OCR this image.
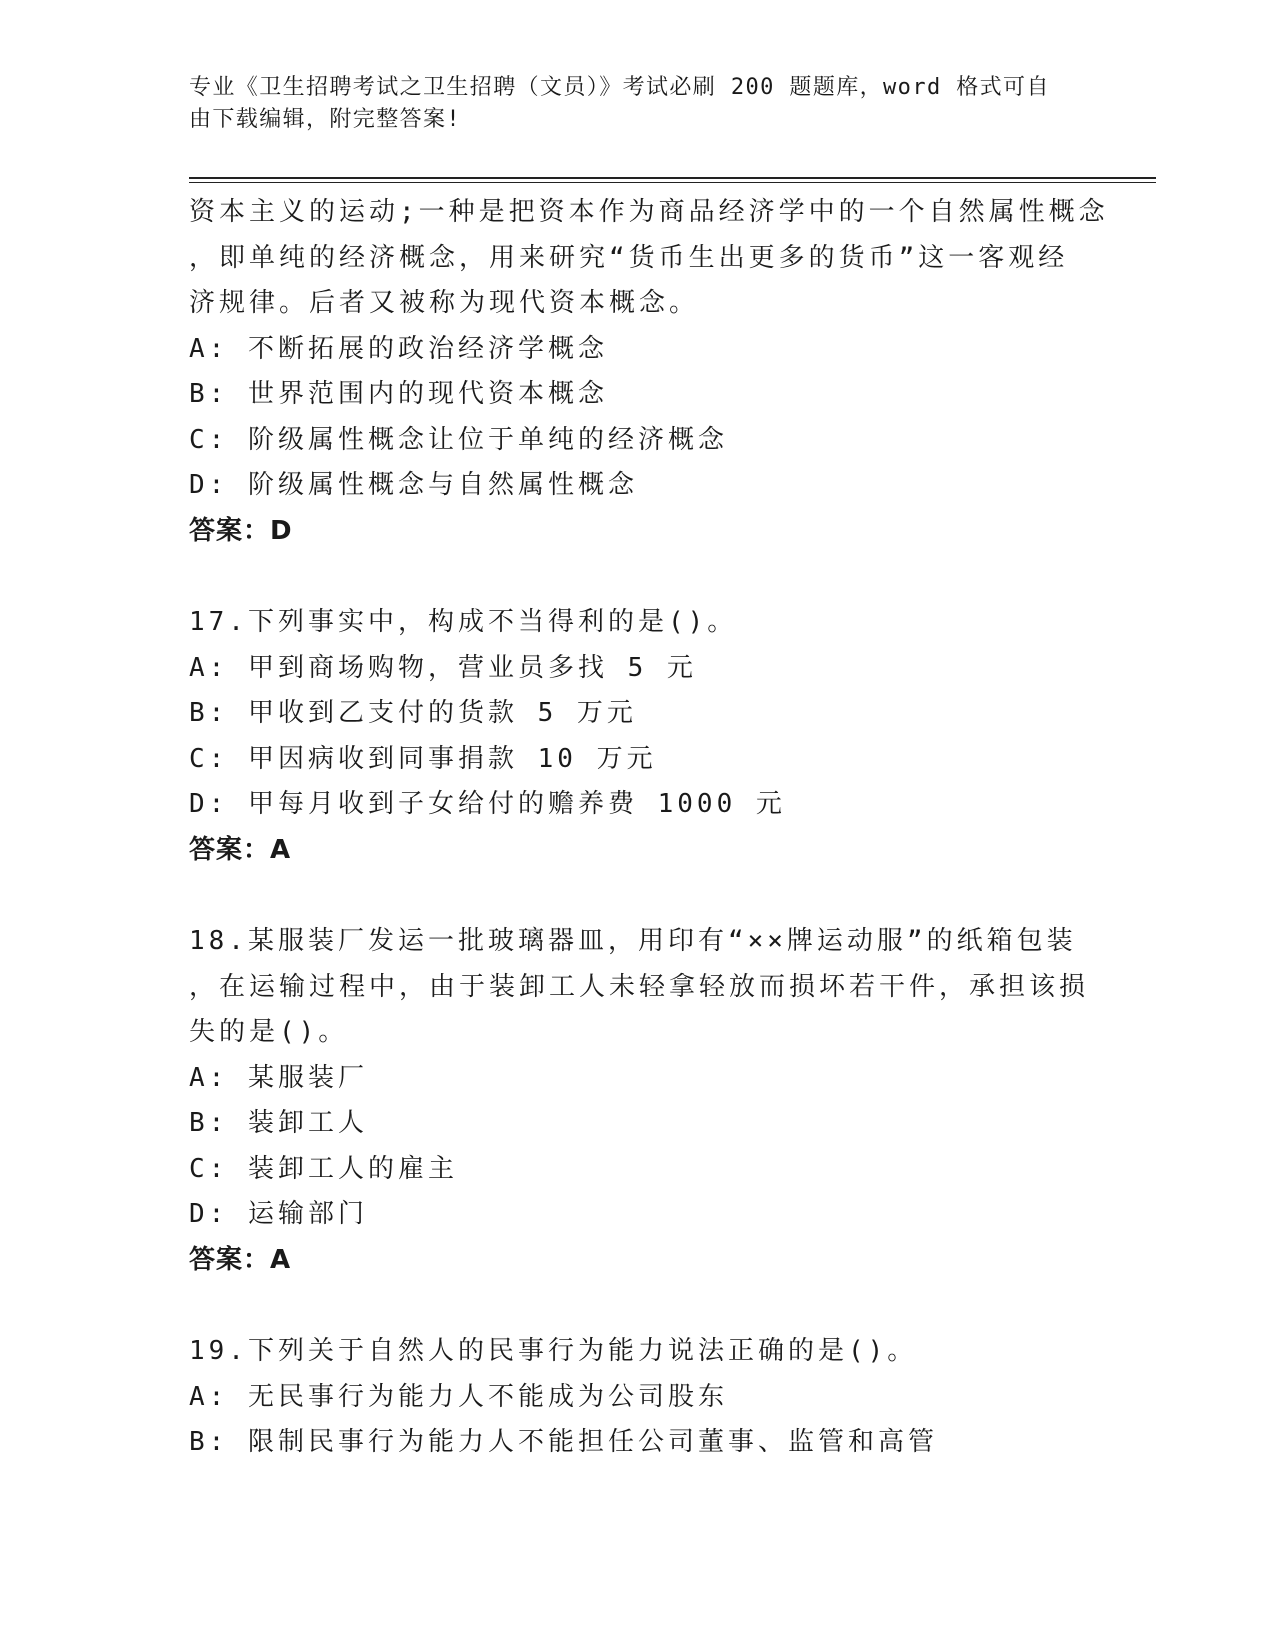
专业《卫生招聘考试之卫生招聘（文员）》考试必刷 200 题题库，word 格式可自
由下载编辑，附完整答案!
资本主义的运动;一种是把资本作为商品经济学中的一个自然属性概念
，即单纯的经济概念，用来研究“货币生出更多的货币”这一客观经
济规律。后者又被称为现代资本概念。
A: 不断拓展的政治经济学概念
B: 世界范围内的现代资本概念
C: 阶级属性概念让位于单纯的经济概念
D: 阶级属性概念与自然属性概念
答案：D
17.下列事实中，构成不当得利的是()。
A: 甲到商场购物，营业员多找 5 元
B: 甲收到乙支付的货款 5 万元
C: 甲因病收到同事捐款 10 万元
D: 甲每月收到子女给付的赡养费 1000 元
答案：A
18.某服装厂发运一批玻璃器皿，用印有“××牌运动服”的纸箱包装
，在运输过程中，由于装卸工人未轻拿轻放而损坏若干件，承担该损
失的是()。
A: 某服装厂
B: 装卸工人
C: 装卸工人的雇主
D: 运输部门
答案：A
19.下列关于自然人的民事行为能力说法正确的是()。
A: 无民事行为能力人不能成为公司股东
B: 限制民事行为能力人不能担任公司董事、监管和高管
